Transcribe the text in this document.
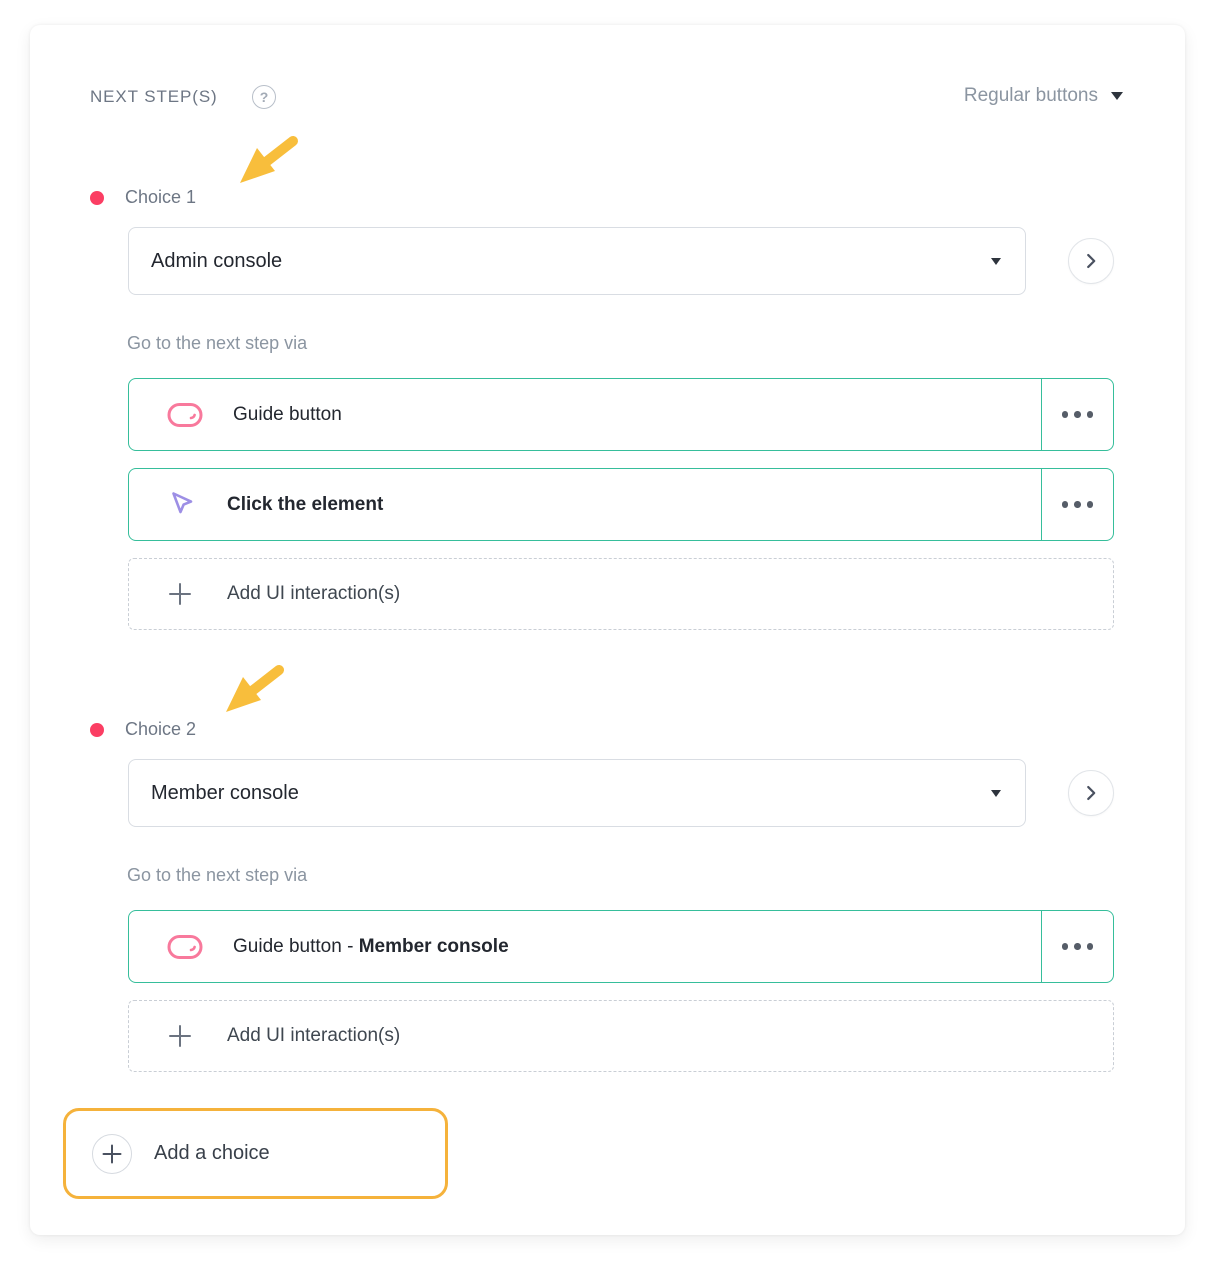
NEXT STEP(S)	?	Regular buttons
Choice 1
Admin console
Go to the next step via
Guide button
Click the element
Add UI interaction(s)
Choice 2
Member console
Go to the next step via
Guide button - Member console
Add UI interaction(s)
Add a choice
